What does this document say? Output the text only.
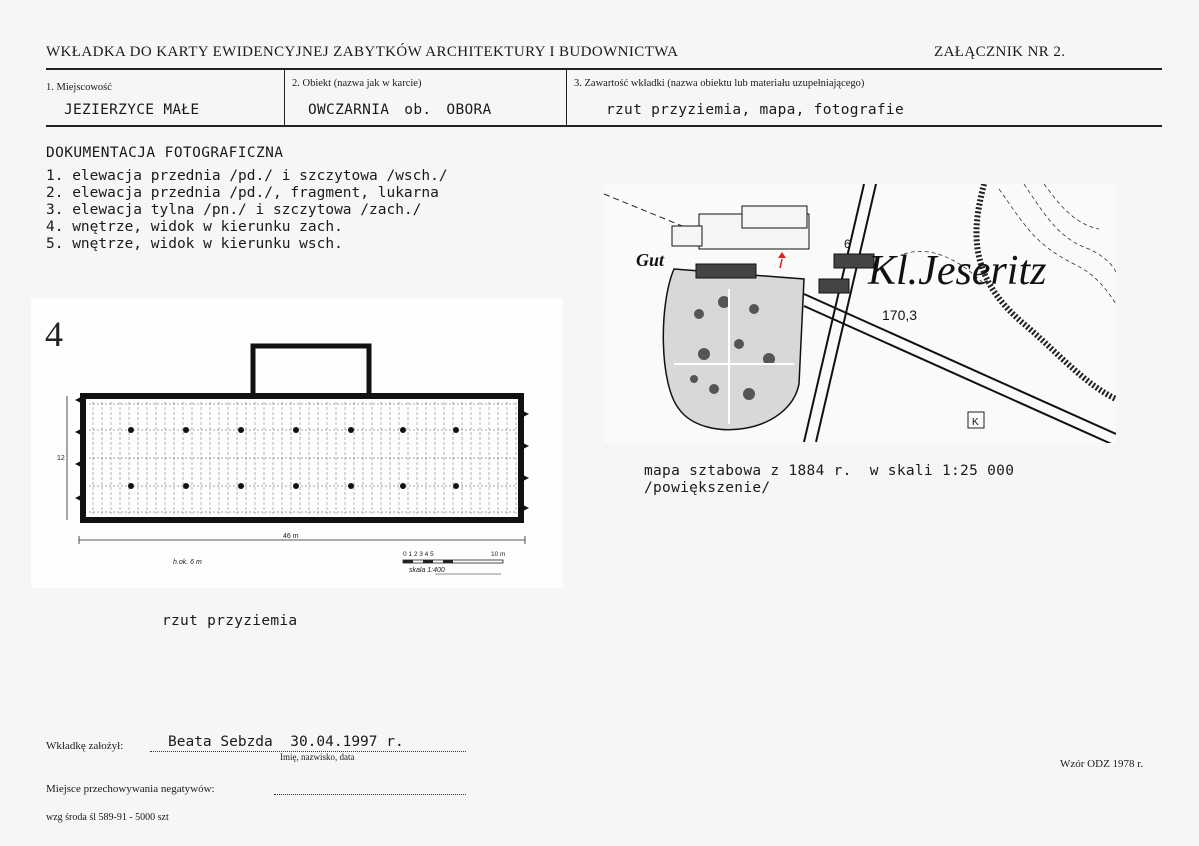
WKŁADKA DO KARTY EWIDENCYJNEJ ZABYTKÓW ARCHITEKTURY I BUDOWNICTWA	ZAŁĄCZNIK NR 2.
1. Miejscowość
JEZIERZYCE MAŁE
2. Obiekt (nazwa jak w karcie)
OWCZARNIA ob. OBORA
3. Zawartość wkładki (nazwa obiektu lub materiału uzupełniającego)
rzut przyziemia, mapa, fotografie
DOKUMENTACJA FOTOGRAFICZNA
1. elewacja przednia /pd./ i szczytowa /wsch./
2. elewacja przednia /pd./, fragment, lukarna
3. elewacja tylna /pn./ i szczytowa /zach./
4. wnętrze, widok w kierunku zach.
5. wnętrze, widok w kierunku wsch.
4
12
46 m
h.ok. 6 m
0 1 2 3 4 5	10 m
skala 1:400
rzut przyziemia
Kl.Jeseritz
Gut
170,3
6
K
mapa sztabowa z 1884 r.  w skali 1:25 000
/powiększenie/
Wkładkę założył:	Beata Sebzda  30.04.1997 r.
Imię, nazwisko, data
Wzór ODZ 1978 r.
Miejsce przechowywania negatywów:
wzg środa śl 589-91 - 5000 szt
